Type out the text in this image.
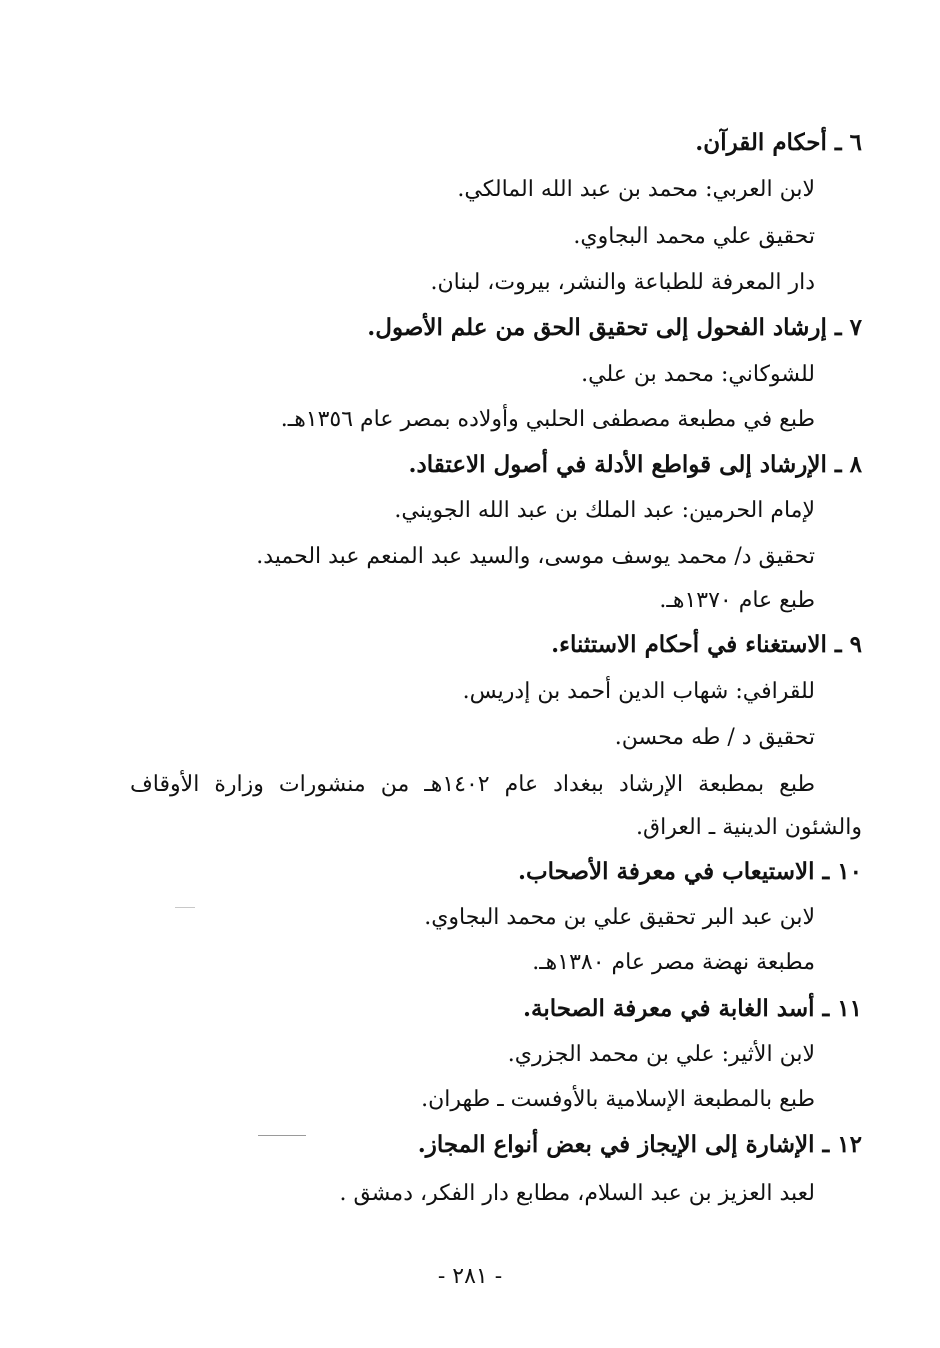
٦ ـ أحكام القرآن.
لابن العربي: محمد بن عبد الله المالكي.
تحقيق علي محمد البجاوي.
دار المعرفة للطباعة والنشر، بيروت، لبنان.
٧ ـ إرشاد الفحول إلى تحقيق الحق من علم الأصول.
للشوكاني: محمد بن علي.
طبع في مطبعة مصطفى الحلبي وأولاده بمصر عام ١٣٥٦هـ.
٨ ـ الإرشاد إلى قواطع الأدلة في أصول الاعتقاد.
لإمام الحرمين: عبد الملك بن عبد الله الجويني.
تحقيق د/ محمد يوسف موسى، والسيد عبد المنعم عبد الحميد.
طبع عام ١٣٧٠هـ.
٩ ـ الاستغناء في أحكام الاستثناء.
للقرافي: شهاب الدين أحمد بن إدريس.
تحقيق د / طه محسن.
طبع بمطبعة الإرشاد ببغداد عام ١٤٠٢هـ من منشورات وزارة الأوقاف
والشئون الدينية ـ العراق.
١٠ ـ الاستيعاب في معرفة الأصحاب.
لابن عبد البر تحقيق علي بن محمد البجاوي.
مطبعة نهضة مصر عام ١٣٨٠هـ.
١١ ـ أسد الغابة في معرفة الصحابة.
لابن الأثير: علي بن محمد الجزري.
طبع بالمطبعة الإسلامية بالأوفست ـ طهران.
١٢ ـ الإشارة إلى الإيجاز في بعض أنواع المجاز.
لعبد العزيز بن عبد السلام، مطابع دار الفكر، دمشق .
- ٢٨١ -
